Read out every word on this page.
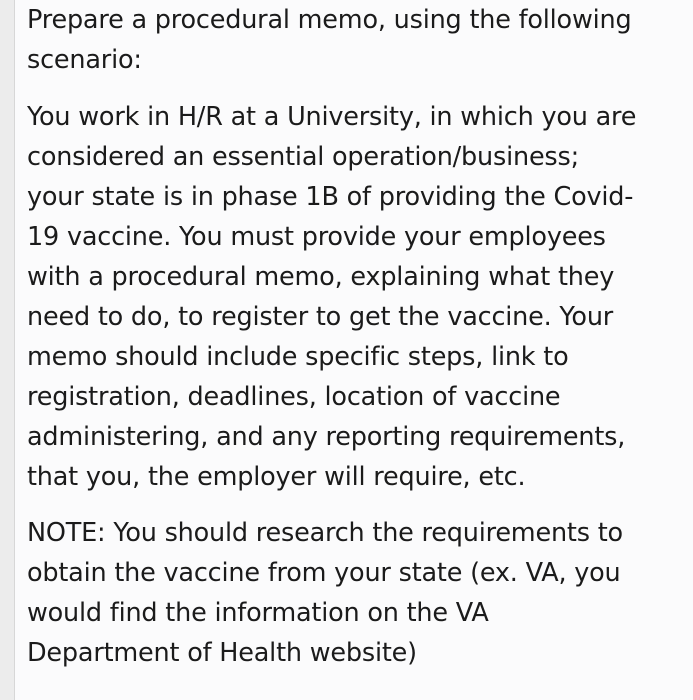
Prepare a procedural memo, using the following

scenario:

You work in H/R at a University, in which you are

considered an essential operation/business;

your state is in phase 1B of providing the Covid-

19 vaccine. You must provide your employees

with a procedural memo, explaining what they

need to do, to register to get the vaccine. Your

memo should include specific steps, link to

registration, deadlines, location of vaccine

administering, and any reporting requirements,

that you, the employer will require, etc.

NOTE: You should research the requirements to

obtain the vaccine from your state (ex. VA, you

would find the information on the VA

Department of Health website)
